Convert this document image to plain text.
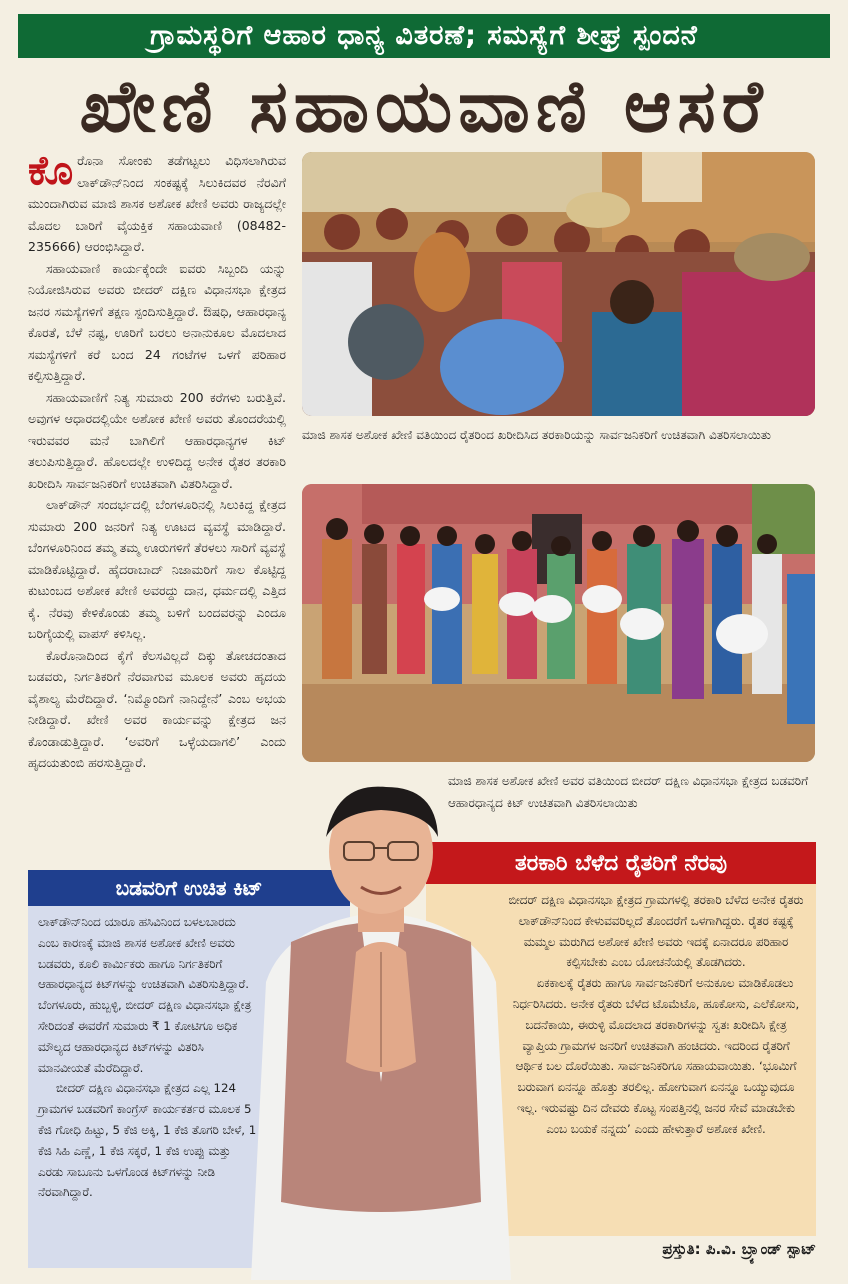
ಗ್ರಾಮಸ್ಥರಿಗೆ ಆಹಾರ ಧಾನ್ಯ ವಿತರಣೆ; ಸಮಸ್ಯೆಗೆ ಶೀಘ್ರ ಸ್ಪಂದನೆ
ಖೇಣಿ ಸಹಾಯವಾಣಿ ಆಸರೆ

ಕೊರೊನಾ ಸೋಂಕು ತಡೆಗಟ್ಟಲು ವಿಧಿಸಲಾಗಿರುವ ಲಾಕ್‌ಡೌನ್‌ನಿಂದ ಸಂಕಷ್ಟಕ್ಕೆ ಸಿಲುಕಿದವರ ನೆರವಿಗೆ ಮುಂದಾಗಿರುವ ಮಾಜಿ ಶಾಸಕ ಅಶೋಕ ಖೇಣಿ ಅವರು ರಾಜ್ಯದಲ್ಲೇ ಮೊದಲ ಬಾರಿಗೆ ವೈಯಕ್ತಿಕ ಸಹಾಯವಾಣಿ (08482-235666) ಆರಂಭಿಸಿದ್ದಾರೆ.

ಸಹಾಯವಾಣಿ ಕಾರ್ಯಕ್ಕೆಂದೇ ಐವರು ಸಿಬ್ಬಂದಿ ಯನ್ನು ನಿಯೋಜಿಸಿರುವ ಅವರು ಬೀದರ್ ದಕ್ಷಿಣ ವಿಧಾನಸಭಾ ಕ್ಷೇತ್ರದ ಜನರ ಸಮಸ್ಯೆಗಳಿಗೆ ತಕ್ಷಣ ಸ್ಪಂದಿಸುತ್ತಿದ್ದಾರೆ. ಔಷಧಿ, ಆಹಾರಧಾನ್ಯ ಕೊರತೆ, ಬೆಳೆ ನಷ್ಟ, ಊರಿಗೆ ಬರಲು ಅನಾನುಕೂಲ ಮೊದಲಾದ ಸಮಸ್ಯೆಗಳಿಗೆ ಕರೆ ಬಂದ 24 ಗಂಟೆಗಳ ಒಳಗೆ ಪರಿಹಾರ ಕಲ್ಪಿಸುತ್ತಿದ್ದಾರೆ.

ಸಹಾಯವಾಣಿಗೆ ನಿತ್ಯ ಸುಮಾರು 200 ಕರೆಗಳು ಬರುತ್ತಿವೆ. ಅವುಗಳ ಆಧಾರದಲ್ಲಿಯೇ ಅಶೋಕ ಖೇಣಿ ಅವರು ತೊಂದರೆಯಲ್ಲಿ ಇರುವವರ ಮನೆ ಬಾಗಿಲಿಗೆ ಆಹಾರಧಾನ್ಯಗಳ ಕಿಟ್ ತಲುಪಿಸುತ್ತಿದ್ದಾರೆ. ಹೊಲದಲ್ಲೇ ಉಳಿದಿದ್ದ ಅನೇಕ ರೈತರ ತರಕಾರಿ ಖರೀದಿಸಿ ಸಾರ್ವಜನಿಕರಿಗೆ ಉಚಿತವಾಗಿ ವಿತರಿಸಿದ್ದಾರೆ.

ಲಾಕ್‌ಡೌನ್ ಸಂದರ್ಭದಲ್ಲಿ ಬೆಂಗಳೂರಿನಲ್ಲಿ ಸಿಲುಕಿದ್ದ ಕ್ಷೇತ್ರದ ಸುಮಾರು 200 ಜನರಿಗೆ ನಿತ್ಯ ಊಟದ ವ್ಯವಸ್ಥೆ ಮಾಡಿದ್ದಾರೆ. ಬೆಂಗಳೂರಿನಿಂದ ತಮ್ಮ ತಮ್ಮ ಊರುಗಳಿಗೆ ತೆರಳಲು ಸಾರಿಗೆ ವ್ಯವಸ್ಥೆ ಮಾಡಿಕೊಟ್ಟಿದ್ದಾರೆ. ಹೈದರಾಬಾದ್ ನಿಜಾಮರಿಗೆ ಸಾಲ ಕೊಟ್ಟಿದ್ದ ಕುಟುಂಬದ ಅಶೋಕ ಖೇಣಿ ಅವರದ್ದು ದಾನ, ಧರ್ಮದಲ್ಲಿ ಎತ್ತಿದ ಕೈ. ನೆರವು ಕೇಳಿಕೊಂಡು ತಮ್ಮ ಬಳಿಗೆ ಬಂದವರನ್ನು ಎಂದೂ ಬರಿಗೈಯಲ್ಲಿ ವಾಪಸ್ ಕಳಿಸಿಲ್ಲ.

ಕೊರೊನಾದಿಂದ ಕೈಗೆ ಕೆಲಸವಿಲ್ಲದೆ ದಿಕ್ಕು ತೋಚದಂತಾದ ಬಡವರು, ನಿರ್ಗತಿಕರಿಗೆ ನೆರವಾಗುವ ಮೂಲಕ ಅವರು ಹೃದಯ ವೈಶಾಲ್ಯ ಮೆರೆದಿದ್ದಾರೆ. ‘ನಿಮ್ಮೊಂದಿಗೆ ನಾನಿದ್ದೇನೆ’ ಎಂಬ ಅಭಯ ನೀಡಿದ್ದಾರೆ. ಖೇಣಿ ಅವರ ಕಾರ್ಯವನ್ನು ಕ್ಷೇತ್ರದ ಜನ ಕೊಂಡಾಡುತ್ತಿದ್ದಾರೆ. ‘ಅವರಿಗೆ ಒಳ್ಳೆಯದಾಗಲಿ’ ಎಂದು ಹೃದಯತುಂಬಿ ಹರಸುತ್ತಿದ್ದಾರೆ.

ಮಾಜಿ ಶಾಸಕ ಅಶೋಕ ಖೇಣಿ ವತಿಯಿಂದ ರೈತರಿಂದ ಖರೀದಿಸಿದ ತರಕಾರಿಯನ್ನು ಸಾರ್ವಜನಿಕರಿಗೆ ಉಚಿತವಾಗಿ ವಿತರಿಸಲಾಯಿತು
ಮಾಜಿ ಶಾಸಕ ಅಶೋಕ ಖೇಣಿ ಅವರ ವತಿಯಿಂದ ಬೀದರ್ ದಕ್ಷಿಣ ವಿಧಾನಸಭಾ ಕ್ಷೇತ್ರದ ಬಡವರಿಗೆ ಆಹಾರಧಾನ್ಯದ ಕಿಟ್ ಉಚಿತವಾಗಿ ವಿತರಿಸಲಾಯಿತು
ಬಡವರಿಗೆ ಉಚಿತ ಕಿಟ್

ಲಾಕ್‌ಡೌನ್‌ನಿಂದ ಯಾರೂ ಹಸಿವಿನಿಂದ ಬಳಲಬಾರದು ಎಂಬ ಕಾರಣಕ್ಕೆ ಮಾಜಿ ಶಾಸಕ ಅಶೋಕ ಖೇಣಿ ಅವರು ಬಡವರು, ಕೂಲಿ ಕಾರ್ಮಿಕರು ಹಾಗೂ ನಿರ್ಗತಿಕರಿಗೆ ಆಹಾರಧಾನ್ಯದ ಕಿಟ್‌ಗಳನ್ನು ಉಚಿತವಾಗಿ ವಿತರಿಸುತ್ತಿದ್ದಾರೆ. ಬೆಂಗಳೂರು, ಹುಬ್ಬಳ್ಳಿ, ಬೀದರ್ ದಕ್ಷಿಣ ವಿಧಾನಸಭಾ ಕ್ಷೇತ್ರ ಸೇರಿದಂತೆ ಈವರೆಗೆ ಸುಮಾರು ₹ 1 ಕೋಟಿಗೂ ಅಧಿಕ ಮೌಲ್ಯದ ಆಹಾರಧಾನ್ಯದ ಕಿಟ್‌ಗಳನ್ನು ವಿತರಿಸಿ ಮಾನವೀಯತೆ ಮೆರೆದಿದ್ದಾರೆ.

ಬೀದರ್ ದಕ್ಷಿಣ ವಿಧಾನಸಭಾ ಕ್ಷೇತ್ರದ ಎಲ್ಲ 124 ಗ್ರಾಮಗಳ ಬಡವರಿಗೆ ಕಾಂಗ್ರೆಸ್ ಕಾರ್ಯಕರ್ತರ ಮೂಲಕ 5 ಕೆಜಿ ಗೋಧಿ ಹಿಟ್ಟು, 5 ಕೆಜಿ ಅಕ್ಕಿ, 1 ಕೆಜಿ ತೊಗರಿ ಬೇಳೆ, 1 ಕೆಜಿ ಸಿಹಿ ಎಣ್ಣೆ, 1 ಕೆಜಿ ಸಕ್ಕರೆ, 1 ಕೆಜಿ ಉಪ್ಪು ಮತ್ತು ಎರಡು ಸಾಬೂನು ಒಳಗೊಂಡ ಕಿಟ್‌ಗಳನ್ನು ನೀಡಿ ನೆರವಾಗಿದ್ದಾರೆ.

ತರಕಾರಿ ಬೆಳೆದ ರೈತರಿಗೆ ನೆರವು

ಬೀದರ್ ದಕ್ಷಿಣ ವಿಧಾನಸಭಾ ಕ್ಷೇತ್ರದ ಗ್ರಾಮಗಳಲ್ಲಿ ತರಕಾರಿ ಬೆಳೆದ ಅನೇಕ ರೈತರು ಲಾಕ್‌ಡೌನ್‌ನಿಂದ ಕೇಳುವವರಿಲ್ಲದೆ ತೊಂದರೆಗೆ ಒಳಗಾಗಿದ್ದರು. ರೈತರ ಕಷ್ಟಕ್ಕೆ ಮಮ್ಮಲ ಮರುಗಿದ ಅಶೋಕ ಖೇಣಿ ಅವರು ಇದಕ್ಕೆ ಏನಾದರೂ ಪರಿಹಾರ ಕಲ್ಪಿಸಬೇಕು ಎಂಬ ಯೋಚನೆಯಲ್ಲಿ ತೊಡಗಿದರು.

ಏಕಕಾಲಕ್ಕೆ ರೈತರು ಹಾಗೂ ಸಾರ್ವಜನಿಕರಿಗೆ ಅನುಕೂಲ ಮಾಡಿಕೊಡಲು ನಿರ್ಧರಿಸಿದರು. ಅನೇಕ ರೈತರು ಬೆಳೆದ ಟೊಮೆಟೊ, ಹೂಕೋಸು, ಎಲೆಕೋಸು, ಬದನೆಕಾಯಿ, ಈರುಳ್ಳಿ ಮೊದಲಾದ ತರಕಾರಿಗಳನ್ನು ಸ್ವತಃ ಖರೀದಿಸಿ ಕ್ಷೇತ್ರ ವ್ಯಾಪ್ತಿಯ ಗ್ರಾಮಗಳ ಜನರಿಗೆ ಉಚಿತವಾಗಿ ಹಂಚಿದರು. ಇದರಿಂದ ರೈತರಿಗೆ ಆರ್ಥಿಕ ಬಲ ದೊರೆಯಿತು. ಸಾರ್ವಜನಿಕರಿಗೂ ಸಹಾಯವಾಯಿತು. ‘ಭೂಮಿಗೆ ಬರುವಾಗ ಏನನ್ನೂ ಹೊತ್ತು ತರಲಿಲ್ಲ. ಹೋಗುವಾಗ ಏನನ್ನೂ ಒಯ್ಯುವುದೂ ಇಲ್ಲ. ಇರುವಷ್ಟು ದಿನ ದೇವರು ಕೊಟ್ಟ ಸಂಪತ್ತಿನಲ್ಲಿ ಜನರ ಸೇವೆ ಮಾಡಬೇಕು ಎಂಬ ಬಯಕೆ ನನ್ನದು’ ಎಂದು ಹೇಳುತ್ತಾರೆ ಅಶೋಕ ಖೇಣಿ.

ಪ್ರಸ್ತುತಿ: ಪಿ.ವಿ. ಬ್ರ್ಯಾಂಡ್ ಸ್ಪಾಟ್
